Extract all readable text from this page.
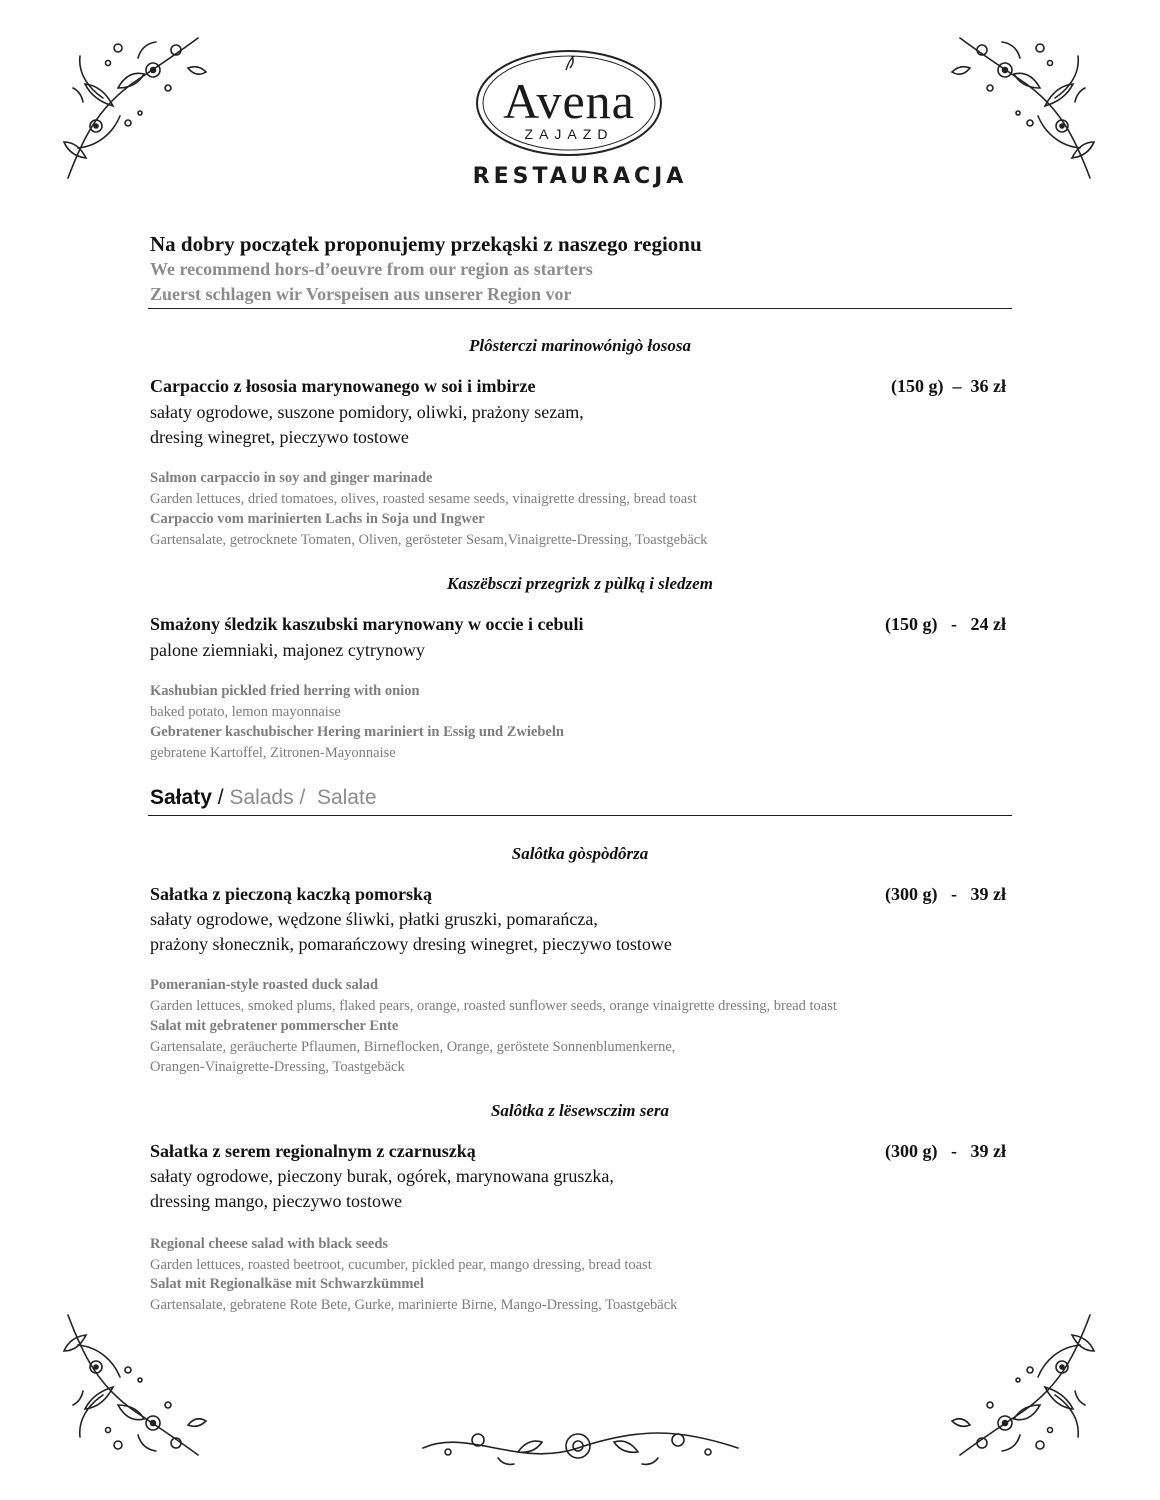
Avena
ZAJAZD
RESTAURACJA
Na dobry początek proponujemy przekąski z naszego regionu
We recommend hors-d’oeuvre from our region as starters
Zuerst schlagen wir Vorspeisen aus unserer Region vor
Plôsterczi marinowónigò łososa
Carpaccio z łososia marynowanego w soi i imbirze	(150 g)  –  36 zł
sałaty ogrodowe, suszone pomidory, oliwki, prażony sezam,
dresing winegret, pieczywo tostowe
Salmon carpaccio in soy and ginger marinade
Garden lettuces, dried tomatoes, olives, roasted sesame seeds, vinaigrette dressing, bread toast
Carpaccio vom marinierten Lachs in Soja und Ingwer
Gartensalate, getrocknete Tomaten, Oliven, gerösteter Sesam,Vinaigrette-Dressing, Toastgebäck
Kaszëbsczi przegrizk z pùlką i sledzem
Smażony śledzik kaszubski marynowany w occie i cebuli	(150 g)   -   24 zł
palone ziemniaki, majonez cytrynowy
Kashubian pickled fried herring with onion
baked potato, lemon mayonnaise
Gebratener kaschubischer Hering mariniert in Essig und Zwiebeln
gebratene Kartoffel, Zitronen-Mayonnaise
Sałaty / Salads /  Salate
Salôtka gòspòdôrza
Sałatka z pieczoną kaczką pomorską	(300 g)   -   39 zł
sałaty ogrodowe, wędzone śliwki, płatki gruszki, pomarańcza,
prażony słonecznik, pomarańczowy dresing winegret, pieczywo tostowe
Pomeranian-style roasted duck salad
Garden lettuces, smoked plums, flaked pears, orange, roasted sunflower seeds, orange vinaigrette dressing, bread toast
Salat mit gebratener pommerscher Ente
Gartensalate, geräucherte Pflaumen, Birneflocken, Orange, geröstete Sonnenblumenkerne,
Orangen-Vinaigrette-Dressing, Toastgebäck
Salôtka z lësewsczim sera
Sałatka z serem regionalnym z czarnuszką	(300 g)   -   39 zł
sałaty ogrodowe, pieczony burak, ogórek, marynowana gruszka,
dressing mango, pieczywo tostowe
Regional cheese salad with black seeds
Garden lettuces, roasted beetroot, cucumber, pickled pear, mango dressing, bread toast
Salat mit Regionalkäse mit Schwarzkümmel
Gartensalate, gebratene Rote Bete, Gurke, marinierte Birne, Mango-Dressing, Toastgebäck
